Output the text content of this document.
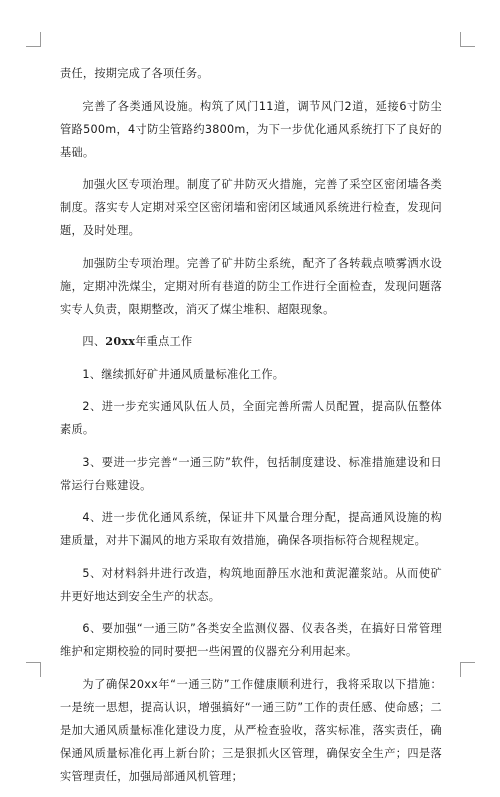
责任，按期完成了各项任务。

完善了各类通风设施。构筑了风门11道，调节风门2道，延接6寸防尘管路500m，4寸防尘管路约3800m，为下一步优化通风系统打下了良好的基础。

加强火区专项治理。制度了矿井防灭火措施，完善了采空区密闭墙各类制度。落实专人定期对采空区密闭墙和密闭区域通风系统进行检查，发现问题，及时处理。

加强防尘专项治理。完善了矿井防尘系统，配齐了各转载点喷雾洒水设施，定期冲洗煤尘，定期对所有巷道的防尘工作进行全面检查，发现问题落实专人负责，限期整改，消灭了煤尘堆积、超限现象。

四、20xx年重点工作

1、继续抓好矿井通风质量标准化工作。

2、进一步充实通风队伍人员，全面完善所需人员配置，提高队伍整体素质。

3、要进一步完善“一通三防”软件，包括制度建设、标准措施建设和日常运行台账建设。

4、进一步优化通风系统，保证井下风量合理分配，提高通风设施的构建质量，对井下漏风的地方采取有效措施，确保各项指标符合规程规定。

5、对材料斜井进行改造，构筑地面静压水池和黄泥灌浆站。从而使矿井更好地达到安全生产的状态。

6、要加强“一通三防”各类安全监测仪器、仪表各类，在搞好日常管理维护和定期校验的同时要把一些闲置的仪器充分利用起来。

为了确保20xx年“一通三防”工作健康顺利进行，我将采取以下措施：一是统一思想，提高认识，增强搞好“一通三防”工作的责任感、使命感；二是加大通风质量标准化建设力度，从严检查验收，落实标准，落实责任，确保通风质量标准化再上新台阶；三是狠抓火区管理，确保安全生产；四是落实管理责任，加强局部通风机管理；
